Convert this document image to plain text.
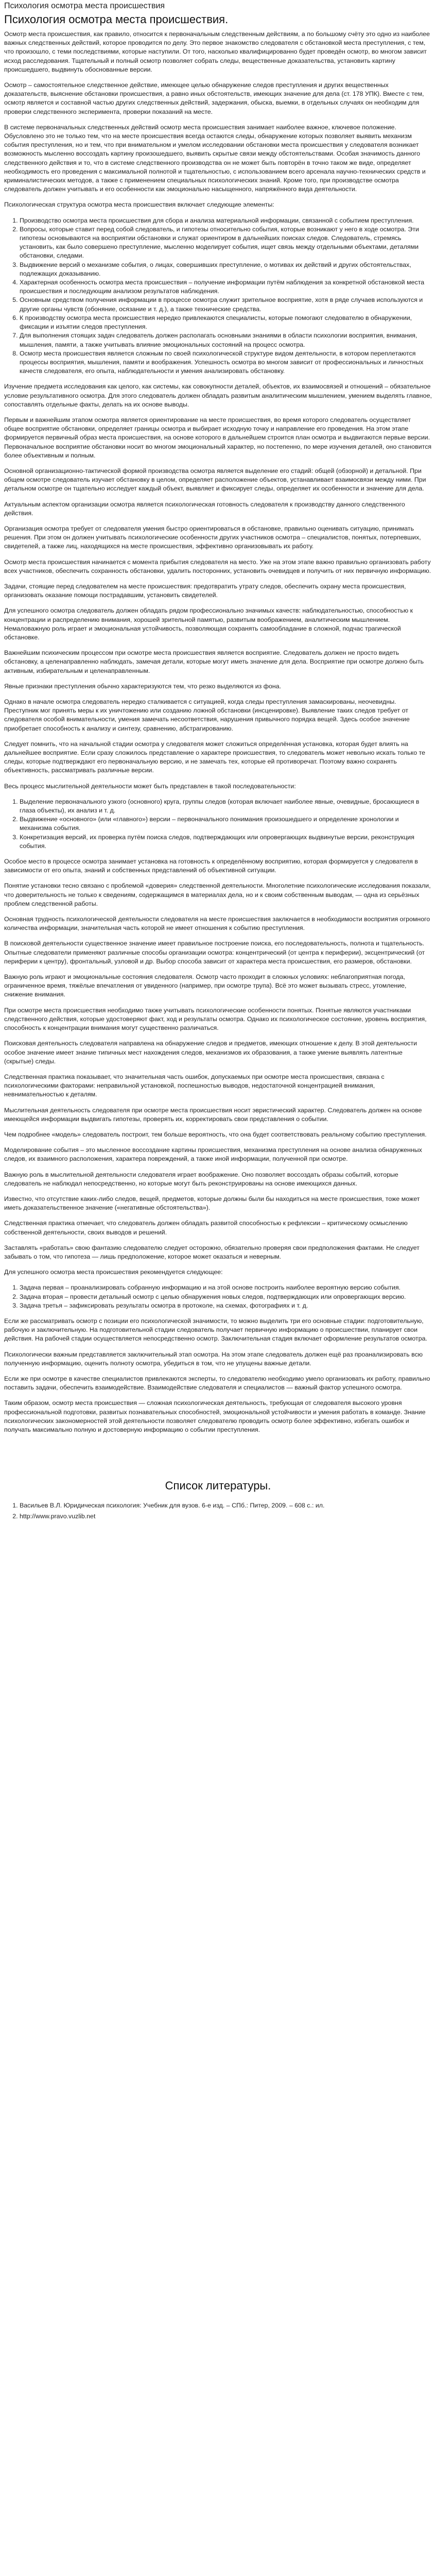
Психология осмотра места происшествия
Психология осмотра места происшествия.

Осмотр места происшествия, как правило, относится к первоначальным следственным действиям, а по большому счёту это одно из наиболее важных следственных действий, которое проводится по делу. Это первое знакомство следователя с обстановкой места преступления, с тем, что произошло, с теми последствиями, которые наступили. От того, насколько квалифицированно будет проведён осмотр, во многом зависит исход расследования. Тщательный и полный осмотр позволяет собрать следы, вещественные доказательства, установить картину происшедшего, выдвинуть обоснованные версии.

Осмотр – самостоятельное следственное действие, имеющее целью обнаружение следов преступления и других вещественных доказательств, выяснение обстановки происшествия, а равно иных обстоятельств, имеющих значение для дела (ст. 178 УПК). Вместе с тем, осмотр является и составной частью других следственных действий, задержания, обыска, выемки, в отдельных случаях он необходим для проверки следственного эксперимента, проверки показаний на месте.

В системе первоначальных следственных действий осмотр места происшествия занимает наиболее важное, ключевое положение. Обусловлено это не только тем, что на месте происшествия всегда остаются следы, обнаружение которых позволяет выявить механизм события преступления, но и тем, что при внимательном и умелом исследовании обстановки места происшествия у следователя возникает возможность мысленно воссоздать картину произошедшего, выявить скрытые связи между обстоятельствами. Особая значимость данного следственного действия и то, что в системе следственного производства он не может быть повторён в точно таком же виде, определяет необходимость его проведения с максимальной полнотой и тщательностью, с использованием всего арсенала научно-технических средств и криминалистических методов, а также с применением специальных психологических знаний. Кроме того, при производстве осмотра следователь должен учитывать и его особенности как эмоционально насыщенного, напряжённого вида деятельности.

Психологическая структура осмотра места происшествия включает следующие элементы:

1. Производство осмотра места происшествия для сбора и анализа материальной информации, связанной с событием преступления.
2. Вопросы, которые ставит перед собой следователь, и гипотезы относительно события, которые возникают у него в ходе осмотра. Эти гипотезы основываются на восприятии обстановки и служат ориентиром в дальнейших поисках следов. Следователь, стремясь установить, как было совершено преступление, мысленно моделирует события, ищет связь между отдельными объектами, деталями обстановки, следами.
3. Выдвижение версий о механизме события, о лицах, совершивших преступление, о мотивах их действий и других обстоятельствах, подлежащих доказыванию.
4. Характерная особенность осмотра места происшествия – получение информации путём наблюдения за конкретной обстановкой места происшествия и последующим анализом результатов наблюдения.
5. Основным средством получения информации в процессе осмотра служит зрительное восприятие, хотя в ряде случаев используются и другие органы чувств (обоняние, осязание и т. д.), а также технические средства.
6. К производству осмотра места происшествия нередко привлекаются специалисты, которые помогают следователю в обнаружении, фиксации и изъятии следов преступления.
7. Для выполнения стоящих задач следователь должен располагать основными знаниями в области психологии восприятия, внимания, мышления, памяти, а также учитывать влияние эмоциональных состояний на процесс осмотра.
8. Осмотр места происшествия является сложным по своей психологической структуре видом деятельности, в котором переплетаются процессы восприятия, мышления, памяти и воображения. Успешность осмотра во многом зависит от профессиональных и личностных качеств следователя, его опыта, наблюдательности и умения анализировать обстановку.

Изучение предмета исследования как целого, как системы, как совокупности деталей, объектов, их взаимосвязей и отношений – обязательное условие результативного осмотра. Для этого следователь должен обладать развитым аналитическим мышлением, умением выделять главное, сопоставлять отдельные факты, делать на их основе выводы.

Первым и важнейшим этапом осмотра является ориентирование на месте происшествия, во время которого следователь осуществляет общее восприятие обстановки, определяет границы осмотра и выбирает исходную точку и направление его проведения. На этом этапе формируется первичный образ места происшествия, на основе которого в дальнейшем строится план осмотра и выдвигаются первые версии. Первоначальное восприятие обстановки носит во многом эмоциональный характер, но постепенно, по мере изучения деталей, оно становится более объективным и полным.

Основной организационно-тактической формой производства осмотра является выделение его стадий: общей (обзорной) и детальной. При общем осмотре следователь изучает обстановку в целом, определяет расположение объектов, устанавливает взаимосвязи между ними. При детальном осмотре он тщательно исследует каждый объект, выявляет и фиксирует следы, определяет их особенности и значение для дела.

Актуальным аспектом организации осмотра является психологическая готовность следователя к производству данного следственного действия.

Организация осмотра требует от следователя умения быстро ориентироваться в обстановке, правильно оценивать ситуацию, принимать решения. При этом он должен учитывать психологические особенности других участников осмотра – специалистов, понятых, потерпевших, свидетелей, а также лиц, находящихся на месте происшествия, эффективно организовывать их работу.

Осмотр места происшествия начинается с момента прибытия следователя на место. Уже на этом этапе важно правильно организовать работу всех участников, обеспечить сохранность обстановки, удалить посторонних, установить очевидцев и получить от них первичную информацию.

Задачи, стоящие перед следователем на месте происшествия: предотвратить утрату следов, обеспечить охрану места происшествия, организовать оказание помощи пострадавшим, установить свидетелей.

Для успешного осмотра следователь должен обладать рядом профессионально значимых качеств: наблюдательностью, способностью к концентрации и распределению внимания, хорошей зрительной памятью, развитым воображением, аналитическим мышлением. Немаловажную роль играет и эмоциональная устойчивость, позволяющая сохранять самообладание в сложной, подчас трагической обстановке.

Важнейшим психическим процессом при осмотре места происшествия является восприятие. Следователь должен не просто видеть обстановку, а целенаправленно наблюдать, замечая детали, которые могут иметь значение для дела. Восприятие при осмотре должно быть активным, избирательным и целенаправленным.

Явные признаки преступления обычно характеризуются тем, что резко выделяются из фона.

Однако в начале осмотра следователь нередко сталкивается с ситуацией, когда следы преступления замаскированы, неочевидны. Преступник мог принять меры к их уничтожению или созданию ложной обстановки (инсценировке). Выявление таких следов требует от следователя особой внимательности, умения замечать несоответствия, нарушения привычного порядка вещей. Здесь особое значение приобретает способность к анализу и синтезу, сравнению, абстрагированию.

Следует помнить, что на начальной стадии осмотра у следователя может сложиться определённая установка, которая будет влиять на дальнейшее восприятие. Если сразу сложилось представление о характере происшествия, то следователь может невольно искать только те следы, которые подтверждают его первоначальную версию, и не замечать тех, которые ей противоречат. Поэтому важно сохранять объективность, рассматривать различные версии.

Весь процесс мыслительной деятельности может быть представлен в такой последовательности:

1. Выделение первоначального узкого (основного) круга, группы следов (которая включает наиболее явные, очевидные, бросающиеся в глаза объекты), их анализ и т. д.
2. Выдвижение «основного» (или «главного») версии – первоначального понимания произошедшего и определение хронологии и механизма события.
3. Конкретизация версий, их проверка путём поиска следов, подтверждающих или опровергающих выдвинутые версии, реконструкция события.

Особое место в процессе осмотра занимает установка на готовность к определённому восприятию, которая формируется у следователя в зависимости от его опыта, знаний и собственных представлений об объективной ситуации.

Понятие установки тесно связано с проблемой «доверия» следственной деятельности. Многолетние психологические исследования показали, что доверительность не только к сведениям, содержащимся в материалах дела, но и к своим собственным выводам, — одна из серьёзных проблем следственной работы.

Основная трудность психологической деятельности следователя на месте происшествия заключается в необходимости восприятия огромного количества информации, значительная часть которой не имеет отношения к событию преступления.

В поисковой деятельности существенное значение имеет правильное построение поиска, его последовательность, полнота и тщательность. Опытные следователи применяют различные способы организации осмотра: концентрический (от центра к периферии), эксцентрический (от периферии к центру), фронтальный, узловой и др. Выбор способа зависит от характера места происшествия, его размеров, обстановки.

Важную роль играют и эмоциональные состояния следователя. Осмотр часто проходит в сложных условиях: неблагоприятная погода, ограниченное время, тяжёлые впечатления от увиденного (например, при осмотре трупа). Всё это может вызывать стресс, утомление, снижение внимания.

При осмотре места происшествия необходимо также учитывать психологические особенности понятых. Понятые являются участниками следственного действия, которые удостоверяют факт, ход и результаты осмотра. Однако их психологическое состояние, уровень восприятия, способность к концентрации внимания могут существенно различаться.

Поисковая деятельность следователя направлена на обнаружение следов и предметов, имеющих отношение к делу. В этой деятельности особое значение имеет знание типичных мест нахождения следов, механизмов их образования, а также умение выявлять латентные (скрытые) следы.

Следственная практика показывает, что значительная часть ошибок, допускаемых при осмотре места происшествия, связана с психологическими факторами: неправильной установкой, поспешностью выводов, недостаточной концентрацией внимания, невнимательностью к деталям.

Мыслительная деятельность следователя при осмотре места происшествия носит эвристический характер. Следователь должен на основе имеющейся информации выдвигать гипотезы, проверять их, корректировать свои представления о событии.

Чем подробнее «модель» следователь построит, тем больше вероятность, что она будет соответствовать реальному событию преступления.

Моделирование события – это мысленное воссоздание картины происшествия, механизма преступления на основе анализа обнаруженных следов, их взаимного расположения, характера повреждений, а также иной информации, полученной при осмотре.

Важную роль в мыслительной деятельности следователя играет воображение. Оно позволяет воссоздать образы событий, которые следователь не наблюдал непосредственно, но которые могут быть реконструированы на основе имеющихся данных.

Известно, что отсутствие каких-либо следов, вещей, предметов, которые должны были бы находиться на месте происшествия, тоже может иметь доказательственное значение («негативные обстоятельства»).

Следственная практика отмечает, что следователь должен обладать развитой способностью к рефлексии – критическому осмыслению собственной деятельности, своих выводов и решений.

Заставлять «работать» свою фантазию следователю следует осторожно, обязательно проверяя свои предположения фактами. Не следует забывать о том, что гипотеза — лишь предположение, которое может оказаться и неверным.

Для успешного осмотра места происшествия рекомендуется следующее:

1. Задача первая – проанализировать собранную информацию и на этой основе построить наиболее вероятную версию события.
2. Задача вторая – провести детальный осмотр с целью обнаружения новых следов, подтверждающих или опровергающих версию.
3. Задача третья – зафиксировать результаты осмотра в протоколе, на схемах, фотографиях и т. д.

Если же рассматривать осмотр с позиции его психологической значимости, то можно выделить три его основные стадии: подготовительную, рабочую и заключительную. На подготовительной стадии следователь получает первичную информацию о происшествии, планирует свои действия. На рабочей стадии осуществляется непосредственно осмотр. Заключительная стадия включает оформление результатов осмотра.

Психологически важным представляется заключительный этап осмотра. На этом этапе следователь должен ещё раз проанализировать всю полученную информацию, оценить полноту осмотра, убедиться в том, что не упущены важные детали.

Если же при осмотре в качестве специалистов привлекаются эксперты, то следователю необходимо умело организовать их работу, правильно поставить задачи, обеспечить взаимодействие. Взаимодействие следователя и специалистов — важный фактор успешного осмотра.

Таким образом, осмотр места происшествия — сложная психологическая деятельность, требующая от следователя высокого уровня профессиональной подготовки, развитых познавательных способностей, эмоциональной устойчивости и умения работать в команде. Знание психологических закономерностей этой деятельности позволяет следователю проводить осмотр более эффективно, избегать ошибок и получать максимально полную и достоверную информацию о событии преступления.

Список литературы.
1. Васильев В.Л. Юридическая психология: Учебник для вузов. 6-е изд. – СПб.: Питер, 2009. – 608 с.: ил.
2. http://www.pravo.vuzlib.net
